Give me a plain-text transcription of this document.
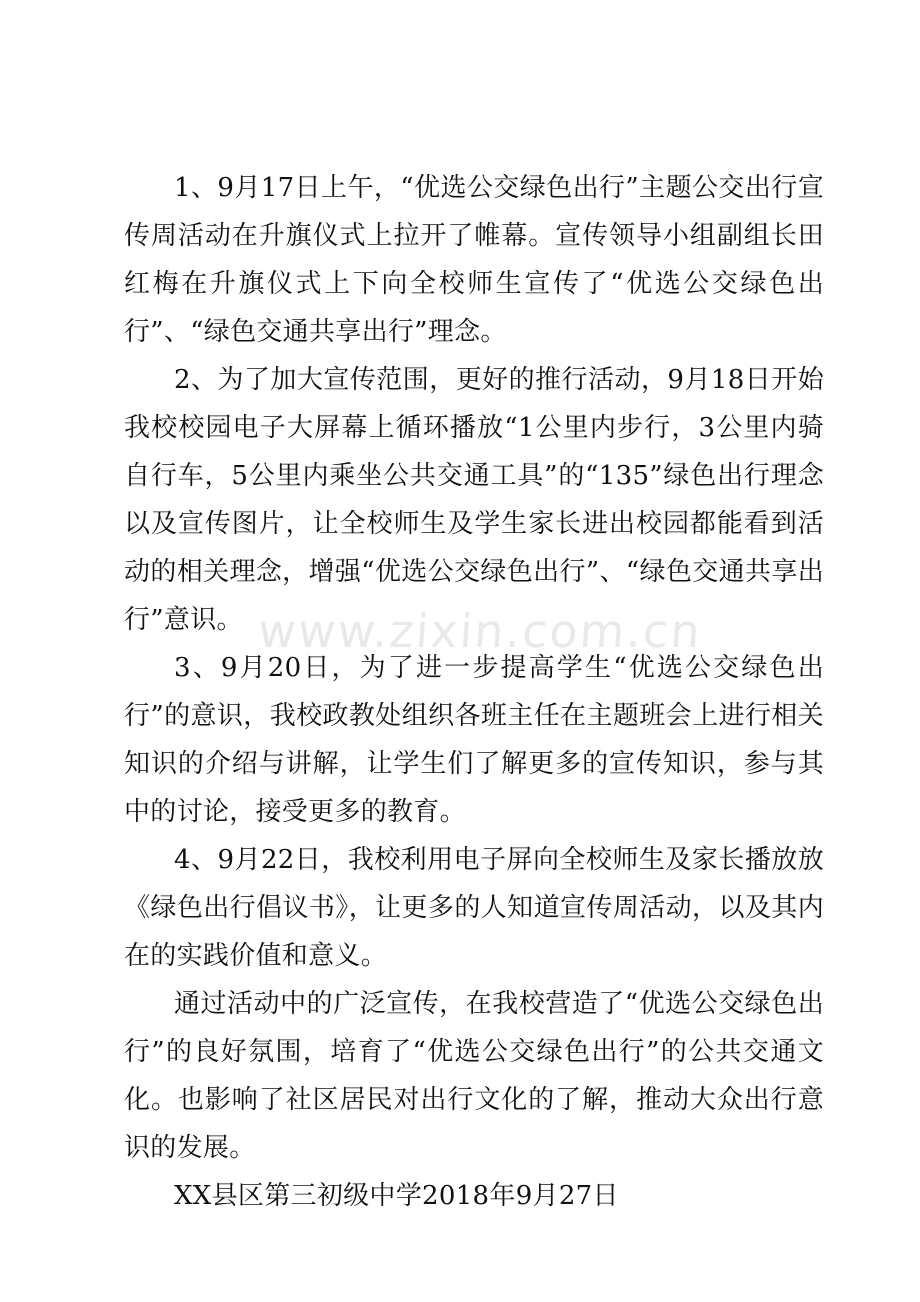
1、9月17日上午，“优选公交绿色出行”主题公交出行宣传周活动在升旗仪式上拉开了帷幕。宣传领导小组副组长田红梅在升旗仪式上下向全校师生宣传了“优选公交绿色出行”、“绿色交通共享出行”理念。

2、为了加大宣传范围，更好的推行活动，9月18日开始我校校园电子大屏幕上循环播放“1公里内步行，3公里内骑自行车，5公里内乘坐公共交通工具”的“135”绿色出行理念以及宣传图片，让全校师生及学生家长进出校园都能看到活动的相关理念，增强“优选公交绿色出行”、“绿色交通共享出行”意识。

3、9月20日，为了进一步提高学生“优选公交绿色出行”的意识，我校政教处组织各班主任在主题班会上进行相关知识的介绍与讲解，让学生们了解更多的宣传知识，参与其中的讨论，接受更多的教育。

4、9月22日，我校利用电子屏向全校师生及家长播放放《绿色出行倡议书》，让更多的人知道宣传周活动，以及其内在的实践价值和意义。

通过活动中的广泛宣传，在我校营造了“优选公交绿色出行”的良好氛围，培育了“优选公交绿色出行”的公共交通文化。也影响了社区居民对出行文化的了解，推动大众出行意识的发展。

XX县区第三初级中学2018年9月27日

www.zixin.com.cn
